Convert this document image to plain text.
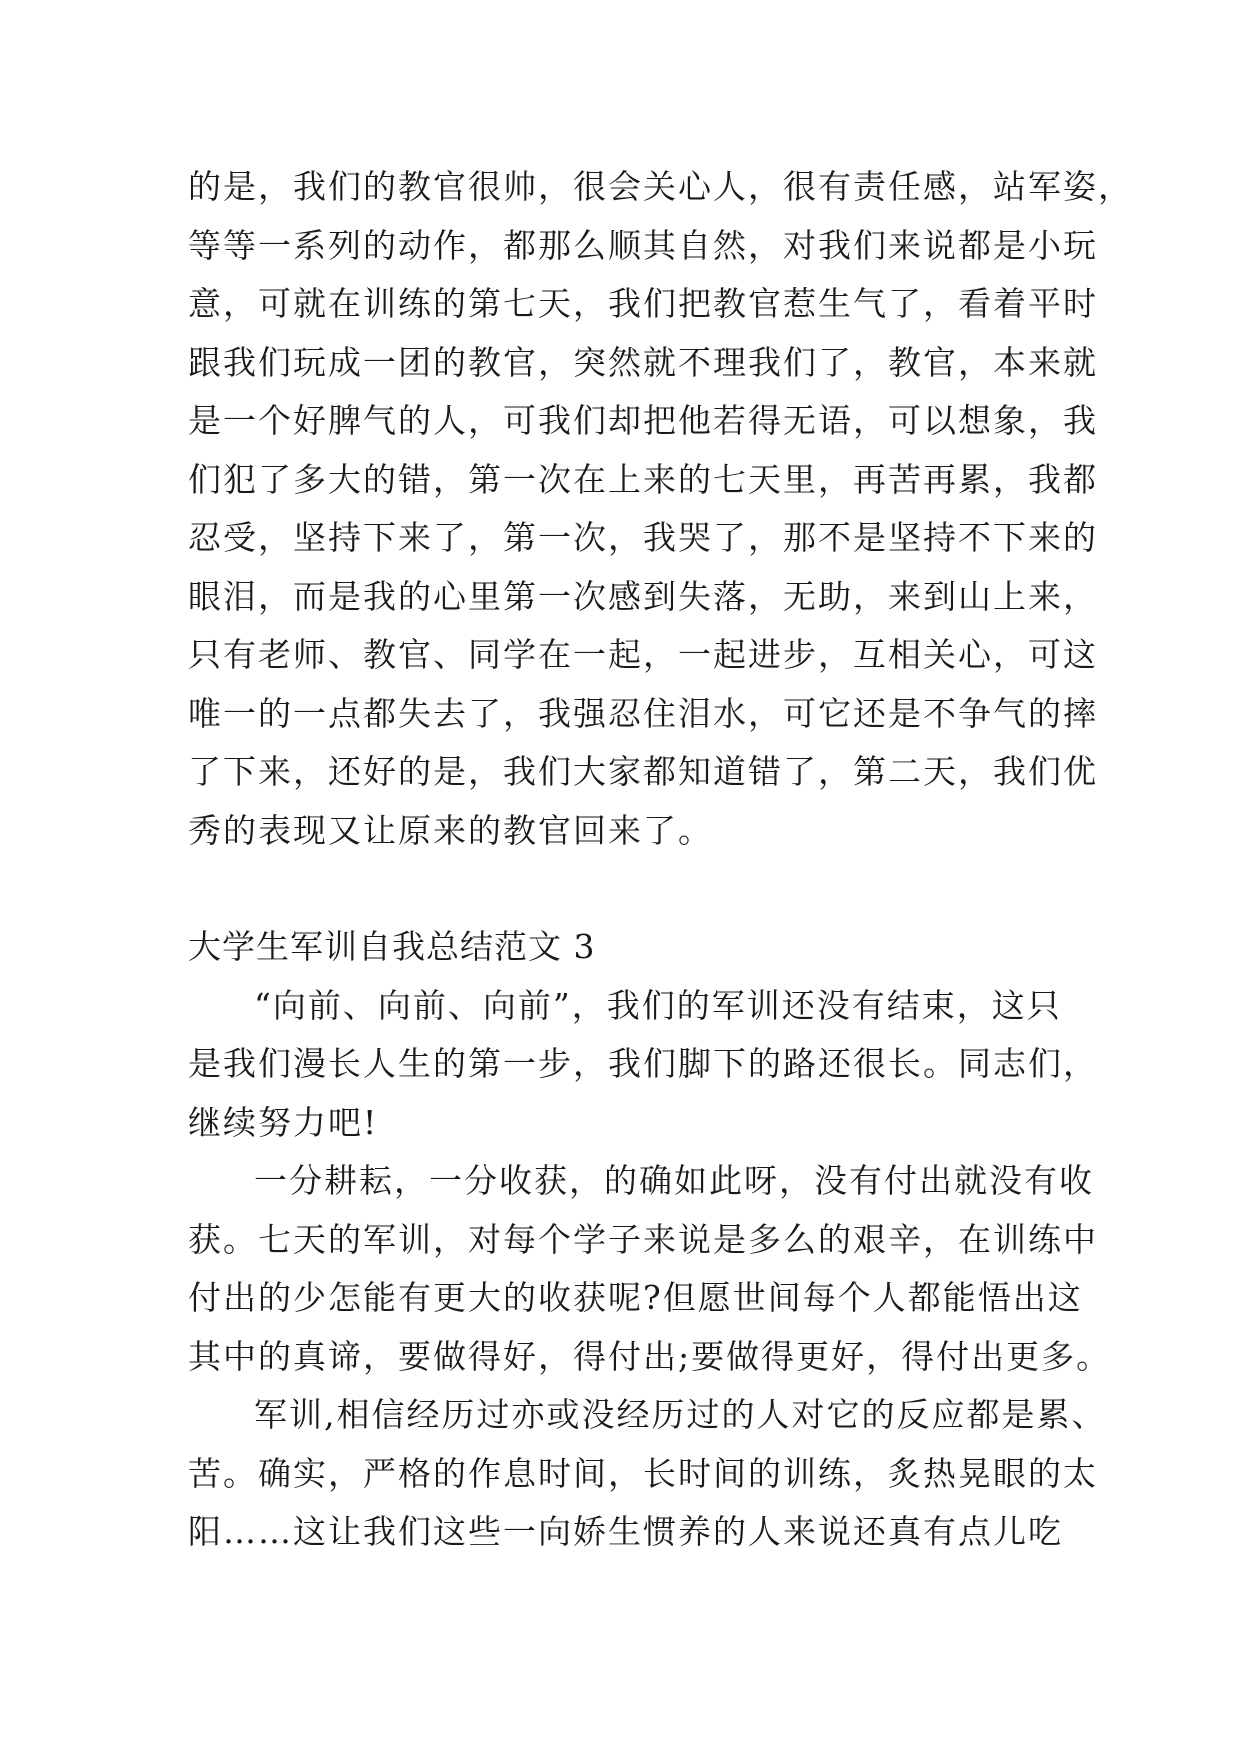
的是，我们的教官很帅，很会关心人，很有责任感，站军姿，

等等一系列的动作，都那么顺其自然，对我们来说都是小玩

意，可就在训练的第七天，我们把教官惹生气了，看着平时

跟我们玩成一团的教官，突然就不理我们了，教官，本来就

是一个好脾气的人，可我们却把他若得无语，可以想象，我

们犯了多大的错，第一次在上来的七天里，再苦再累，我都

忍受，坚持下来了，第一次，我哭了，那不是坚持不下来的

眼泪，而是我的心里第一次感到失落，无助，来到山上来，

只有老师、教官、同学在一起，一起进步，互相关心，可这

唯一的一点都失去了，我强忍住泪水，可它还是不争气的摔

了下来，还好的是，我们大家都知道错了，第二天，我们优

秀的表现又让原来的教官回来了。

大学生军训自我总结范文 3

“向前、向前、向前”，我们的军训还没有结束，这只

是我们漫长人生的第一步，我们脚下的路还很长。同志们，

继续努力吧!

一分耕耘，一分收获，的确如此呀，没有付出就没有收

获。七天的军训，对每个学子来说是多么的艰辛，在训练中

付出的少怎能有更大的收获呢?但愿世间每个人都能悟出这

其中的真谛，要做得好，得付出;要做得更好，得付出更多。

军训,相信经历过亦或没经历过的人对它的反应都是累、

苦。确实，严格的作息时间，长时间的训练，炙热晃眼的太

阳……这让我们这些一向娇生惯养的人来说还真有点儿吃
